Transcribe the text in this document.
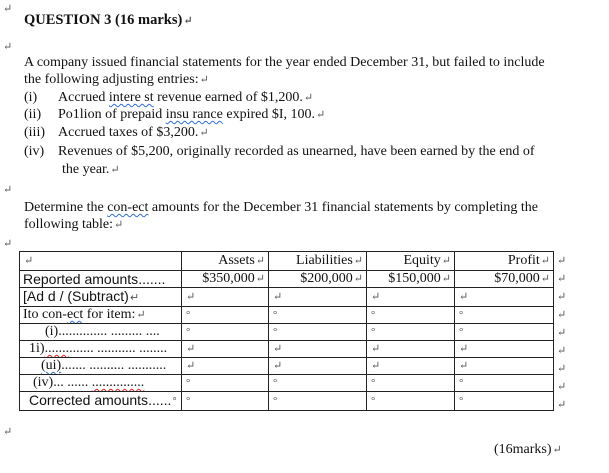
↵
↵
↵
↵
↵
QUESTION 3 (16 marks)↵
A company issued financial statements for the year ended December 31, but failed to include
the following adjusting entries:↵
(i) Accrued intere st revenue earned of $1,200.↵
(ii) Po1lion of prepaid insu rance expired $I, 100.↵
(iii) Accrued taxes of $3,200.↵
(iv) Revenues of $5,200, originally recorded as unearned, have been earned by the end of
the year.↵
Determine the con-ect amounts for the December 31 financial statements by completing the
following table:↵
↵	Assets↵	Liabilities↵	Equity↵	Profit↵
Reported amounts.......	$350,000↵	$200,000↵	$150,000↵	$70,000↵
[Ad d / (Subtract)↵	↵	↵	↵	↵
Ito con-ect for item:↵	°	°	°	°
(i).............. ......... ....	°	°	°	°
1i).............. ........... ........	↵	↵	↵	↵
(ui)....... .......... ...........	↵	↵	↵	↵
(iv)... ...... ...............	°	°	°	°
Corrected amounts......°	°	°	°	°
↵
↵
↵
↵
↵
↵
↵
↵
↵
(16marks)↵
